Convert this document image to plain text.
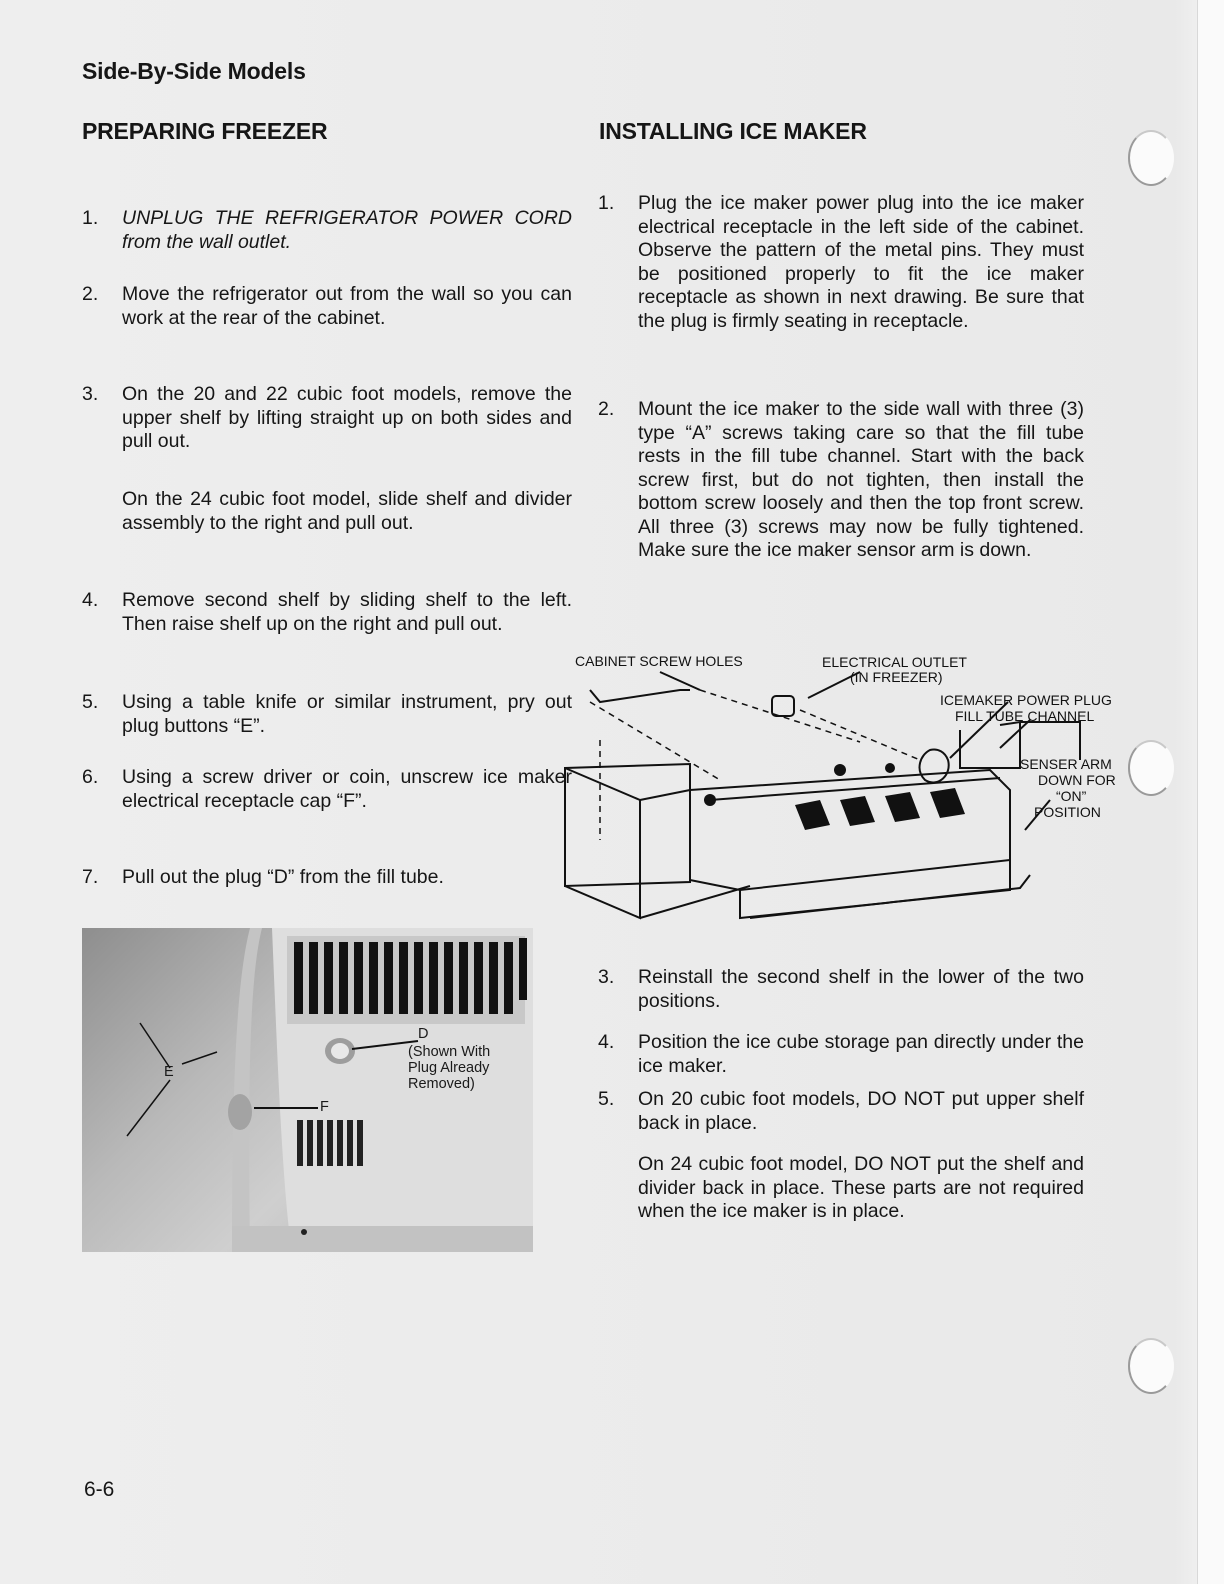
Side-By-Side Models
PREPARING FREEZER	INSTALLING ICE MAKER
1. UNPLUG THE REFRIGERATOR POWER CORD from the wall outlet.
2. Move the refrigerator out from the wall so you can work at the rear of the cabinet.
3. On the 20 and 22 cubic foot models, remove the upper shelf by lifting straight up on both sides and pull out.
On the 24 cubic foot model, slide shelf and divider assembly to the right and pull out.
4. Remove second shelf by sliding shelf to the left. Then raise shelf up on the right and pull out.
5. Using a table knife or similar instrument, pry out plug buttons “E”.
6. Using a screw driver or coin, unscrew ice maker electrical receptacle cap “F”.
7. Pull out the plug “D” from the fill tube.
D
(Shown With Plug Already Removed)
E
F
1. Plug the ice maker power plug into the ice maker electrical receptacle in the left side of the cabinet. Observe the pattern of the metal pins. They must be positioned properly to fit the ice maker receptacle as shown in next drawing. Be sure that the plug is firmly seating in receptacle.
2. Mount the ice maker to the side wall with three (3) type “A” screws taking care so that the fill tube rests in the fill tube channel. Start with the back screw first, but do not tighten, then install the bottom screw loosely and then the top front screw. All three (3) screws may now be fully tightened. Make sure the ice maker sensor arm is down.
3. Reinstall the second shelf in the lower of the two positions.
4. Position the ice cube storage pan directly under the ice maker.
5. On 20 cubic foot models, DO NOT put upper shelf back in place.
On 24 cubic foot model, DO NOT put the shelf and divider back in place. These parts are not required when the ice maker is in place.
CABINET SCREW HOLES	ELECTRICAL OUTLET
(IN FREEZER)
ICEMAKER POWER PLUG
FILL TUBE CHANNEL
SENSER ARM
DOWN FOR
“ON”
POSITION
6-6
